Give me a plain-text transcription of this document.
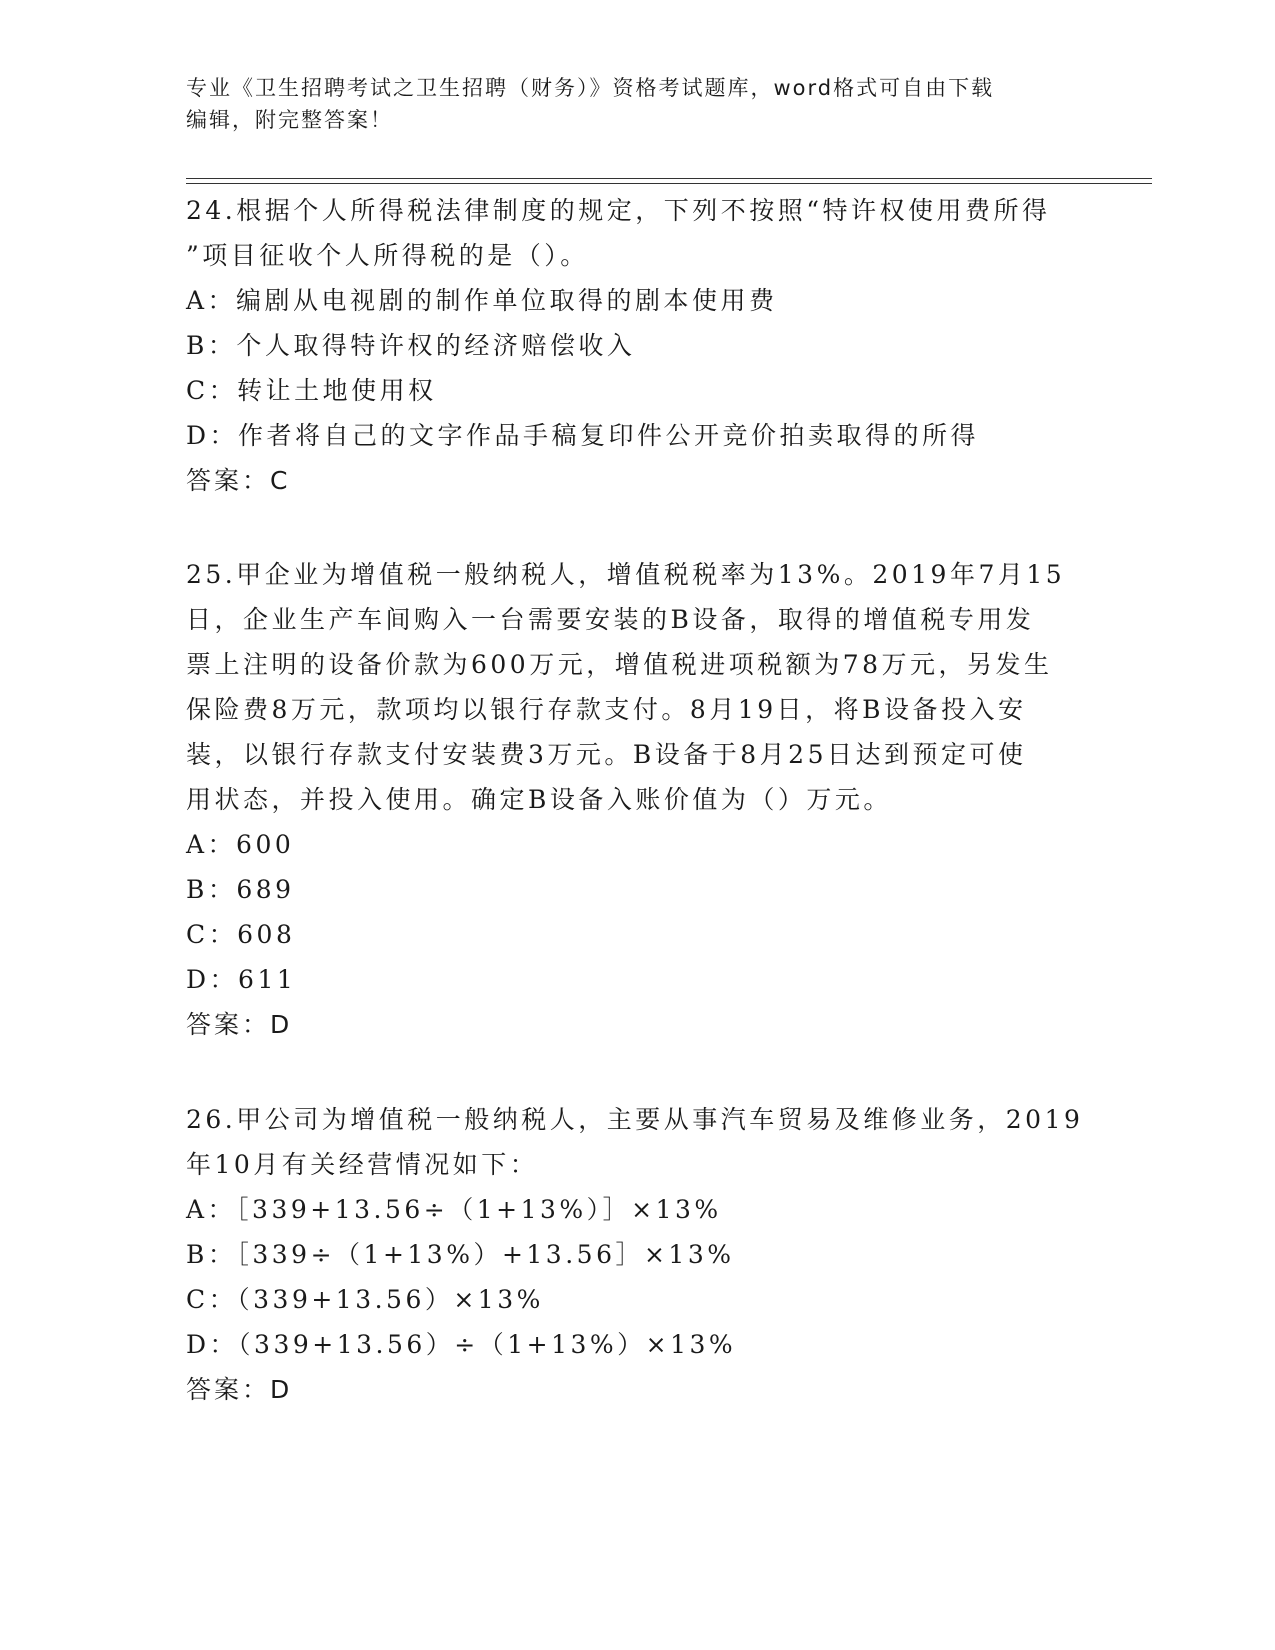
专业《卫生招聘考试之卫生招聘（财务）》资格考试题库，word格式可自由下载
编辑，附完整答案！

24.根据个人所得税法律制度的规定，下列不按照“特许权使用费所得

”项目征收个人所得税的是（）。

A：编剧从电视剧的制作单位取得的剧本使用费

B：个人取得特许权的经济赔偿收入

C：转让土地使用权

D：作者将自己的文字作品手稿复印件公开竞价拍卖取得的所得

答案：C

25.甲企业为增值税一般纳税人，增值税税率为13%。2019年7月15

日，企业生产车间购入一台需要安装的B设备，取得的增值税专用发

票上注明的设备价款为600万元，增值税进项税额为78万元，另发生

保险费8万元，款项均以银行存款支付。8月19日，将B设备投入安

装，以银行存款支付安装费3万元。B设备于8月25日达到预定可使

用状态，并投入使用。确定B设备入账价值为（）万元。

A：600

B：689

C：608

D：611

答案：D

26.甲公司为增值税一般纳税人，主要从事汽车贸易及维修业务，2019

年10月有关经营情况如下：

A：［339+13.56÷（1+13%）］×13%

B：［339÷（1+13%）+13.56］×13%

C：（339+13.56）×13%

D：（339+13.56）÷（1+13%）×13%

答案：D
